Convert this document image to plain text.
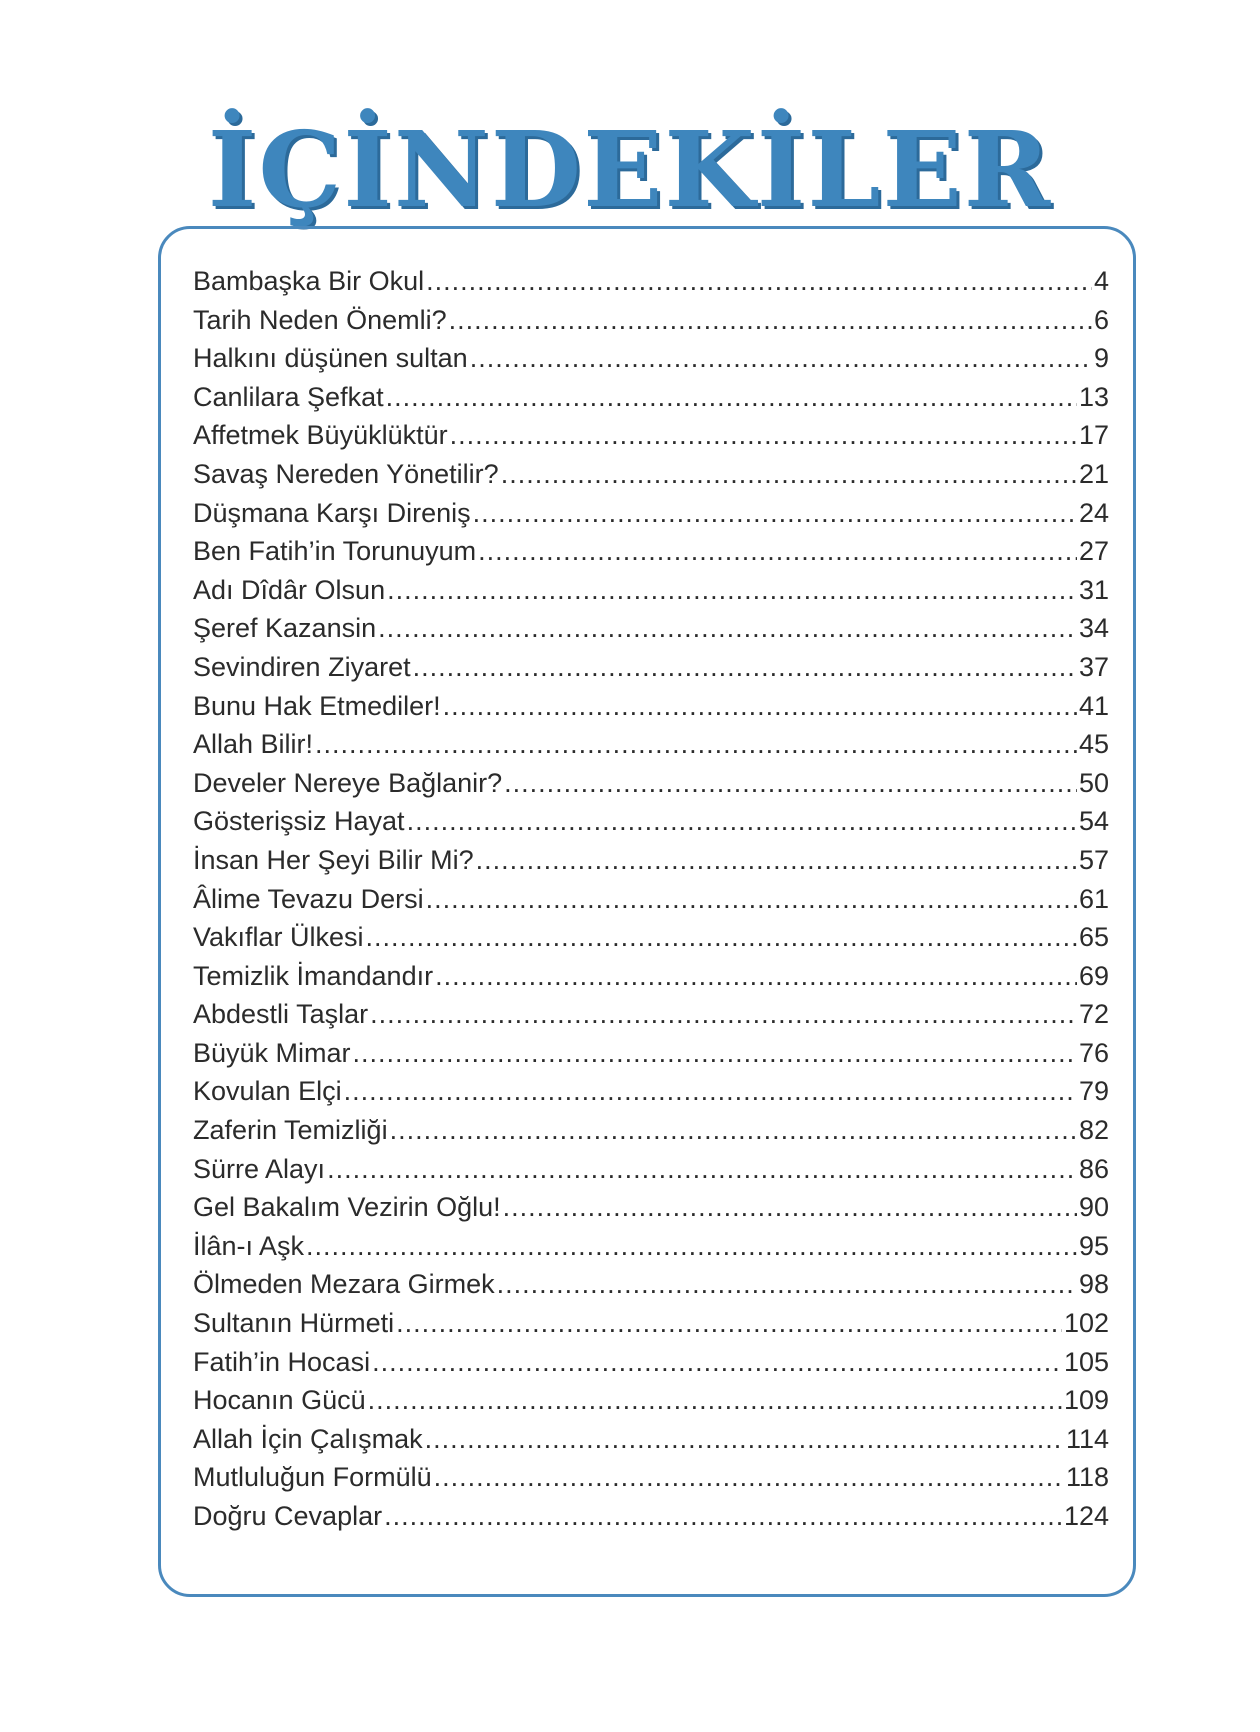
İÇİNDEKİLER
Bambaşka Bir Okul .....	4
Tarih Neden Önemli? .....	6
Halkını düşünen sultan .....	9
Canlilara Şefkat .....	13
Affetmek Büyüklüktür .....	17
Savaş Nereden Yönetilir? .....	21
Düşmana Karşı Direniş .....	24
Ben Fatih’in Torunuyum .....	27
Adı Dîdâr Olsun .....	31
Şeref Kazansin .....	34
Sevindiren Ziyaret .....	37
Bunu Hak Etmediler! .....	41
Allah Bilir! .....	45
Develer Nereye Bağlanir? .....	50
Gösterişsiz Hayat .....	54
İnsan Her Şeyi Bilir Mi? .....	57
Âlime Tevazu Dersi .....	61
Vakıflar Ülkesi .....	65
Temizlik İmandandır .....	69
Abdestli Taşlar .....	72
Büyük Mimar .....	76
Kovulan Elçi .....	79
Zaferin Temizliği .....	82
Sürre Alayı .....	86
Gel Bakalım Vezirin Oğlu! .....	90
İlân-ı Aşk .....	95
Ölmeden Mezara Girmek .....	98
Sultanın Hürmeti .....	102
Fatih’in Hocasi .....	105
Hocanın Gücü .....	109
Allah İçin Çalışmak .....	114
Mutluluğun Formülü .....	118
Doğru Cevaplar .....	124
